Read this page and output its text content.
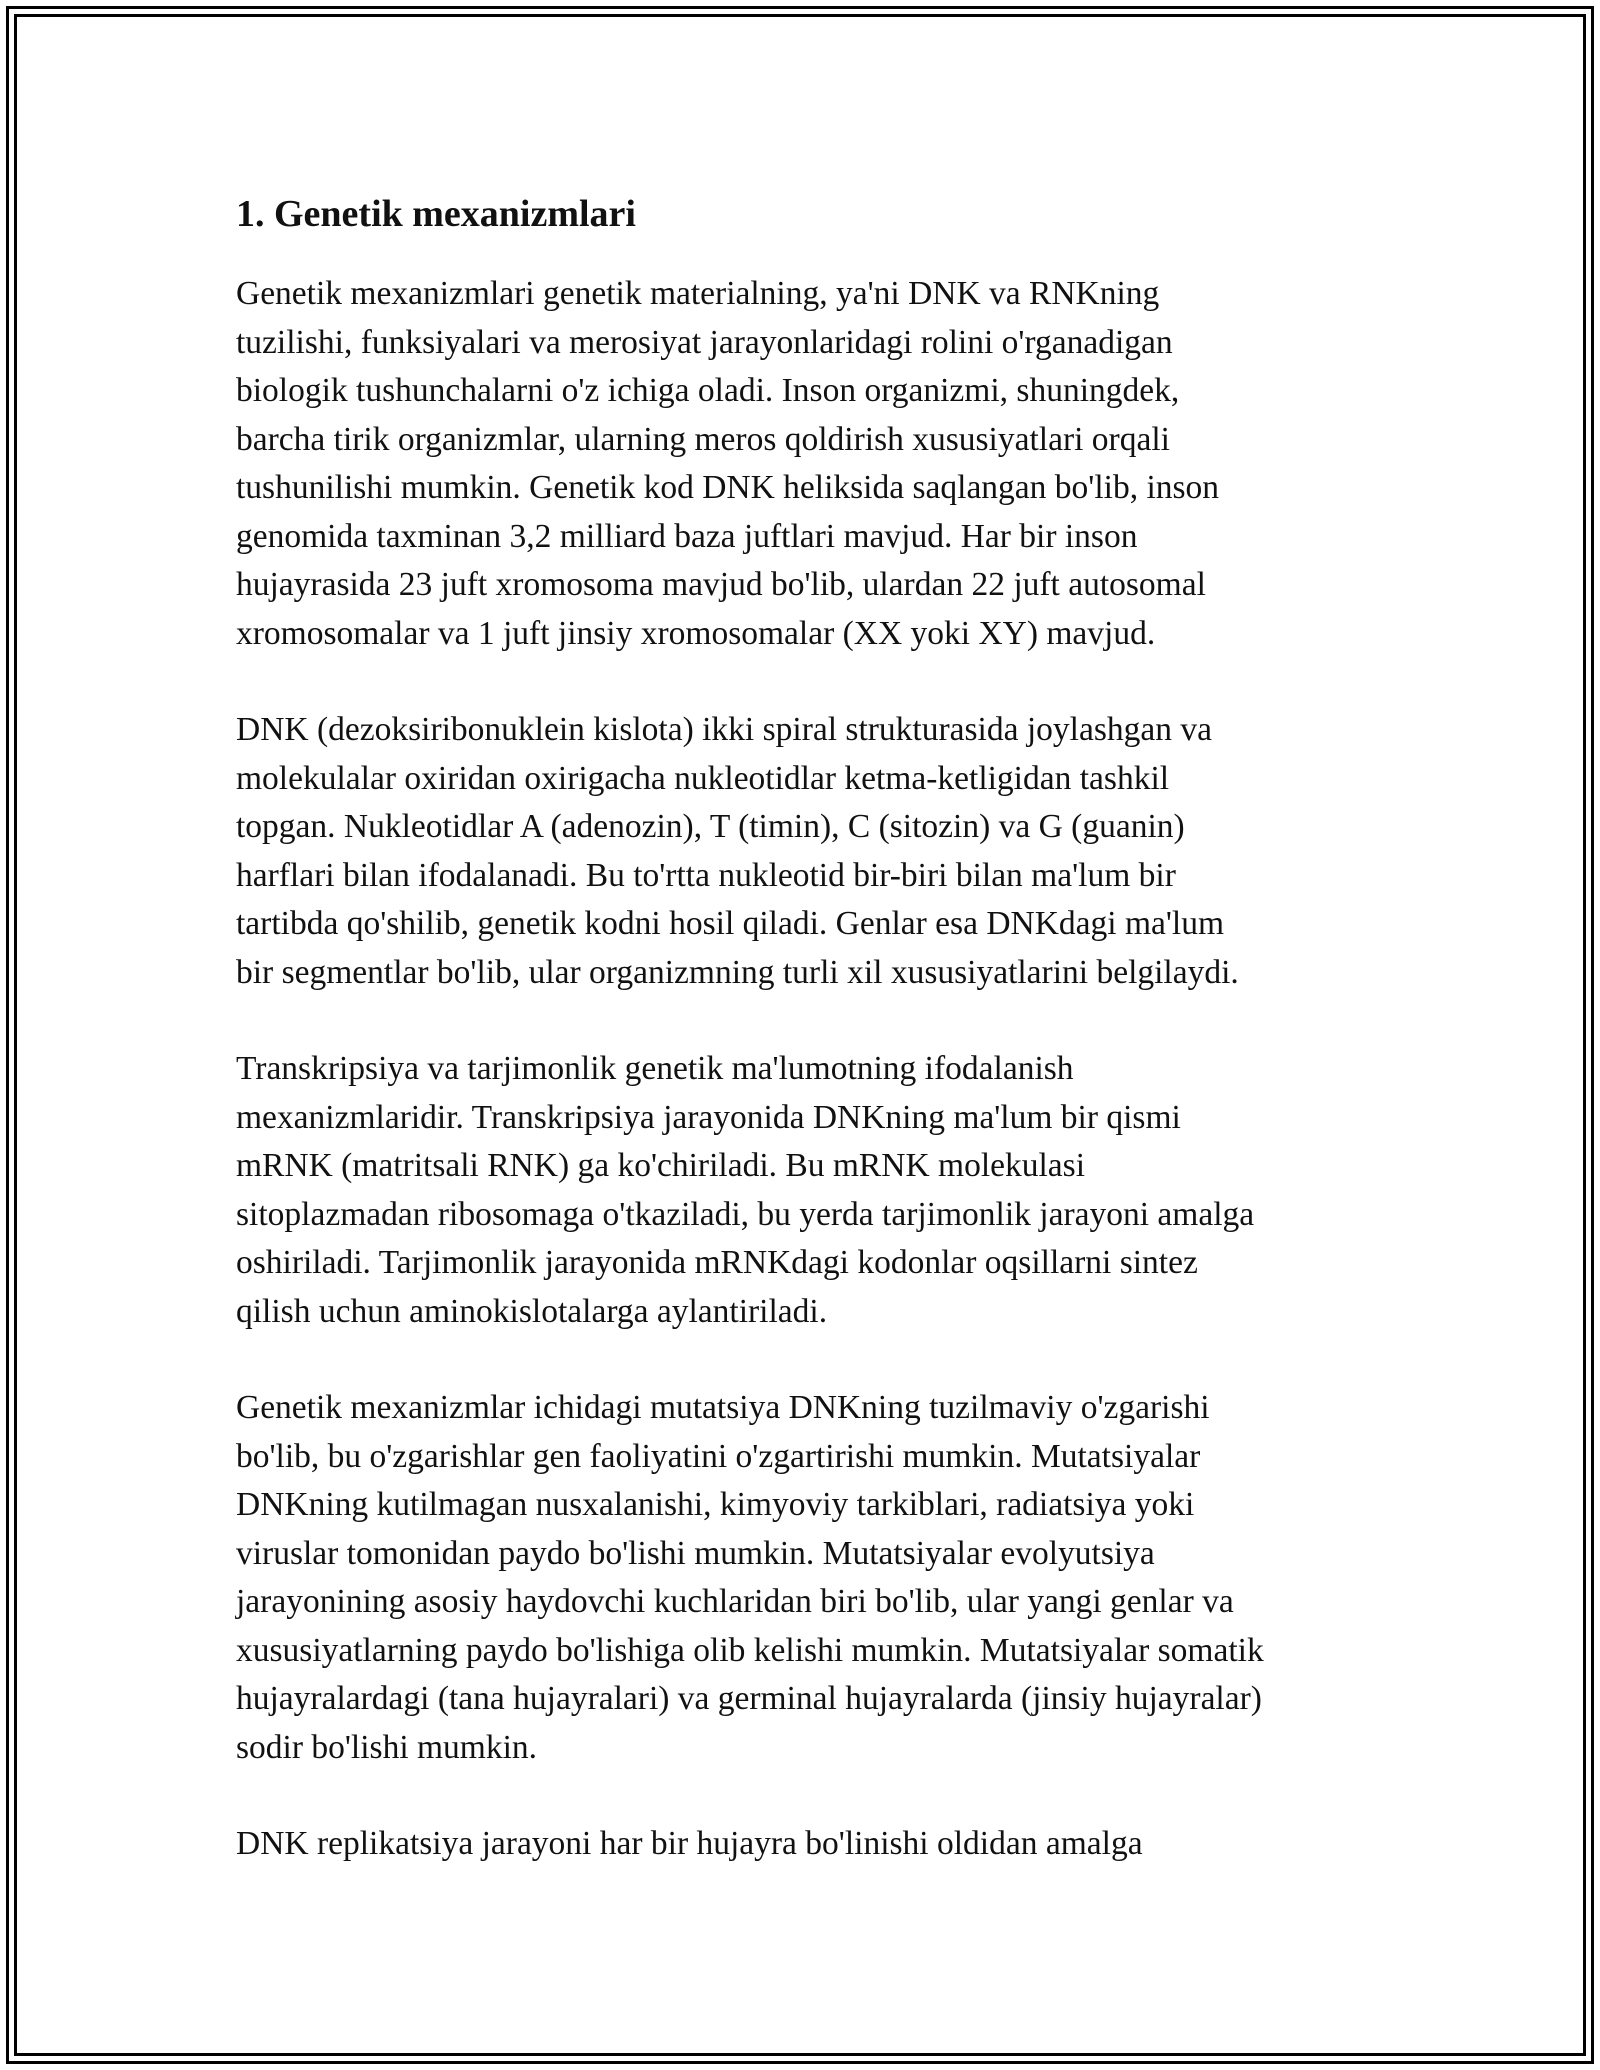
1. Genetik mexanizmlari

Genetik mexanizmlari genetik materialning, ya'ni DNK va RNKning
tuzilishi, funksiyalari va merosiyat jarayonlaridagi rolini o'rganadigan
biologik tushunchalarni o'z ichiga oladi. Inson organizmi, shuningdek,
barcha tirik organizmlar, ularning meros qoldirish xususiyatlari orqali
tushunilishi mumkin. Genetik kod DNK heliksida saqlangan bo'lib, inson
genomida taxminan 3,2 milliard baza juftlari mavjud. Har bir inson
hujayrasida 23 juft xromosoma mavjud bo'lib, ulardan 22 juft autosomal
xromosomalar va 1 juft jinsiy xromosomalar (XX yoki XY) mavjud.

DNK (dezoksiribonuklein kislota) ikki spiral strukturasida joylashgan va
molekulalar oxiridan oxirigacha nukleotidlar ketma-ketligidan tashkil
topgan. Nukleotidlar A (adenozin), T (timin), C (sitozin) va G (guanin)
harflari bilan ifodalanadi. Bu to'rtta nukleotid bir-biri bilan ma'lum bir
tartibda qo'shilib, genetik kodni hosil qiladi. Genlar esa DNKdagi ma'lum
bir segmentlar bo'lib, ular organizmning turli xil xususiyatlarini belgilaydi.

Transkripsiya va tarjimonlik genetik ma'lumotning ifodalanish
mexanizmlaridir. Transkripsiya jarayonida DNKning ma'lum bir qismi
mRNK (matritsali RNK) ga ko'chiriladi. Bu mRNK molekulasi
sitoplazmadan ribosomaga o'tkaziladi, bu yerda tarjimonlik jarayoni amalga
oshiriladi. Tarjimonlik jarayonida mRNKdagi kodonlar oqsillarni sintez
qilish uchun aminokislotalarga aylantiriladi.

Genetik mexanizmlar ichidagi mutatsiya DNKning tuzilmaviy o'zgarishi
bo'lib, bu o'zgarishlar gen faoliyatini o'zgartirishi mumkin. Mutatsiyalar
DNKning kutilmagan nusxalanishi, kimyoviy tarkiblari, radiatsiya yoki
viruslar tomonidan paydo bo'lishi mumkin. Mutatsiyalar evolyutsiya
jarayonining asosiy haydovchi kuchlaridan biri bo'lib, ular yangi genlar va
xususiyatlarning paydo bo'lishiga olib kelishi mumkin. Mutatsiyalar somatik
hujayralardagi (tana hujayralari) va germinal hujayralarda (jinsiy hujayralar)
sodir bo'lishi mumkin.

DNK replikatsiya jarayoni har bir hujayra bo'linishi oldidan amalga
